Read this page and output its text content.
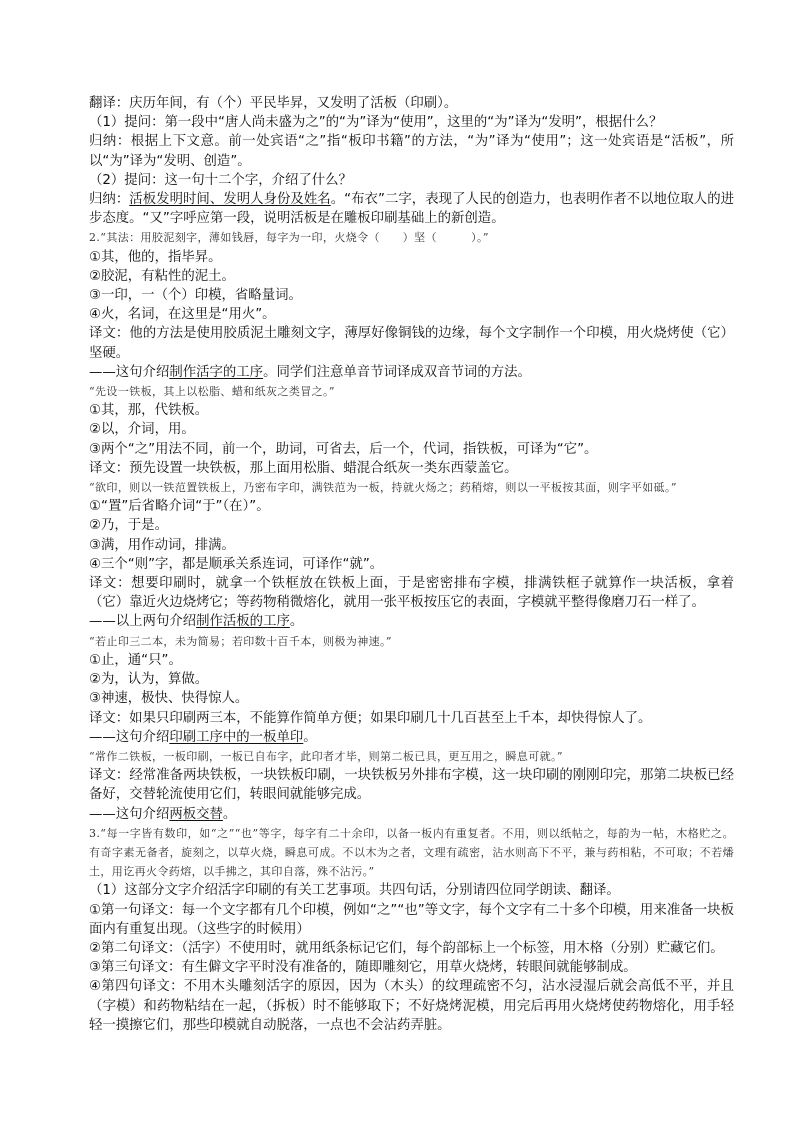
翻译：庆历年间，有（个）平民毕昇，又发明了活板（印刷）。

（1）提问：第一段中“唐人尚未盛为之”的“为”译为“使用”，这里的“为”译为“发明”，根据什么？

归纳：根据上下文意。前一处宾语“之”指“板印书籍”的方法，“为”译为“使用”；这一处宾语是“活板”，所以“为”译为“发明、创造”。

（2）提问：这一句十二个字，介绍了什么？

归纳：活板发明时间、发明人身份及姓名。“布衣”二字，表现了人民的创造力，也表明作者不以地位取人的进步态度。“又”字呼应第一段，说明活板是在雕板印刷基础上的新创造。

2.“其法：用胶泥刻字，薄如钱唇，每字为一印，火烧令（　　）坚（　　　）。”

①其，他的，指毕昇。

②胶泥，有粘性的泥土。

③一印，一（个）印模，省略量词。

④火，名词，在这里是“用火”。

译文：他的方法是使用胶质泥土雕刻文字，薄厚好像铜钱的边缘，每个文字制作一个印模，用火烧烤使（它）坚硬。

——这句介绍制作活字的工序。同学们注意单音节词译成双音节词的方法。

“先设一铁板，其上以松脂、蜡和纸灰之类冒之。”

①其，那，代铁板。

②以，介词，用。

③两个“之”用法不同，前一个，助词，可省去，后一个，代词，指铁板，可译为“它”。

译文：预先设置一块铁板，那上面用松脂、蜡混合纸灰一类东西蒙盖它。

“欲印，则以一铁范置铁板上，乃密布字印，满铁范为一板，持就火炀之；药稍熔，则以一平板按其面，则字平如砥。”

①“置”后省略介词“于”（在）”。

②乃，于是。

③满，用作动词，排满。

④三个“则”字，都是顺承关系连词，可译作“就”。

译文：想要印刷时，就拿一个铁框放在铁板上面，于是密密排布字模，排满铁框子就算作一块活板，拿着（它）靠近火边烧烤它；等药物稍微熔化，就用一张平板按压它的表面，字模就平整得像磨刀石一样了。

——以上两句介绍制作活板的工序。

“若止印三二本，未为简易；若印数十百千本，则极为神速。”

①止，通“只”。

②为，认为，算做。

③神速，极快、快得惊人。

译文：如果只印刷两三本，不能算作简单方便；如果印刷几十几百甚至上千本，却快得惊人了。

——这句介绍印刷工序中的一板单印。

“常作二铁板，一板印刷，一板已自布字，此印者才毕，则第二板已具，更互用之，瞬息可就。”

译文：经常准备两块铁板，一块铁板印刷，一块铁板另外排布字模，这一块印刷的刚刚印完，那第二块板已经备好，交替轮流使用它们，转眼间就能够完成。

——这句介绍两板交替。

3.“每一字皆有数印，如“之”“也”等字，每字有二十余印，以备一板内有重复者。不用，则以纸帖之，每韵为一帖，木格贮之。有奇字素无备者，旋刻之，以草火烧，瞬息可成。不以木为之者，文理有疏密，沾水则高下不平，兼与药相粘，不可取；不若燔土，用讫再火令药熔，以手拂之，其印自落，殊不沾污。”

（1）这部分文字介绍活字印刷的有关工艺事项。共四句话，分别请四位同学朗读、翻译。

①第一句译文：每一个文字都有几个印模，例如“之”“也”等文字，每个文字有二十多个印模，用来准备一块板面内有重复出现。（这些字的时候用）

②第二句译文：（活字）不使用时，就用纸条标记它们，每个韵部标上一个标签，用木格（分别）贮藏它们。

③第三句译文：有生僻文字平时没有准备的，随即雕刻它，用草火烧烤，转眼间就能够制成。

④第四句译文：不用木头雕刻活字的原因，因为（木头）的纹理疏密不匀，沾水浸湿后就会高低不平，并且（字模）和药物粘结在一起，（拆板）时不能够取下；不好烧烤泥模，用完后再用火烧烤使药物熔化，用手轻轻一摸擦它们，那些印模就自动脱落，一点也不会沾药弄脏。
